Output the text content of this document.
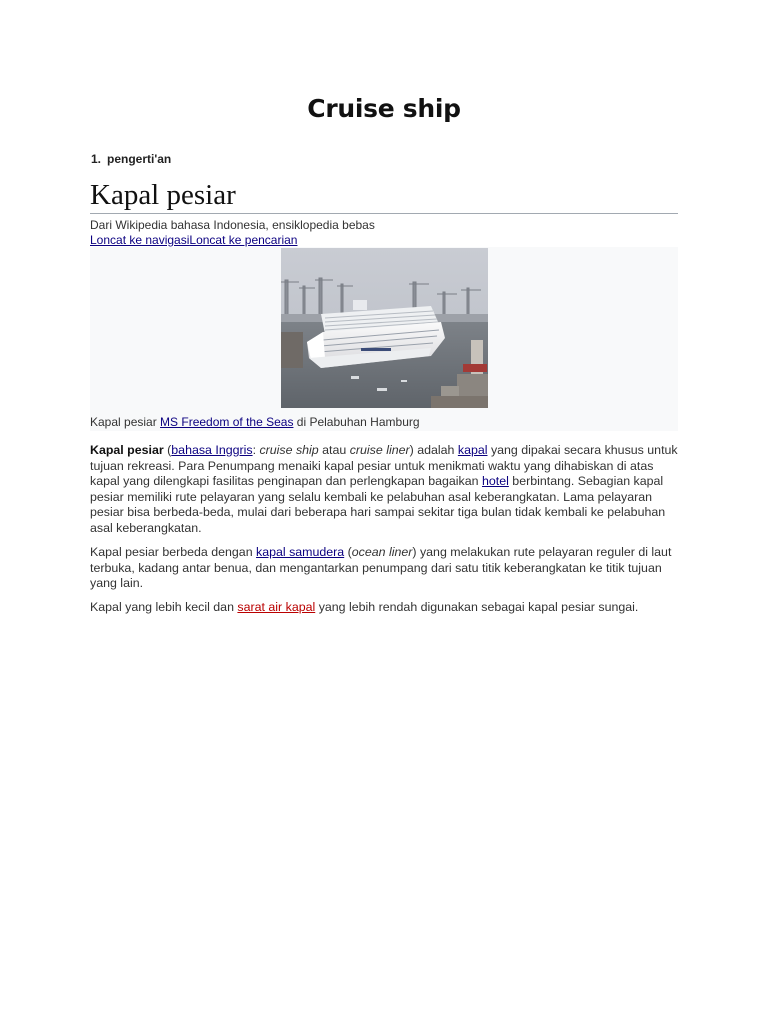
Cruise ship
1. pengerti'an
Kapal pesiar
Dari Wikipedia bahasa Indonesia, ensiklopedia bebas
Loncat ke navigasiLoncat ke pencarian
Kapal pesiar MS Freedom of the Seas di Pelabuhan Hamburg
Kapal pesiar (bahasa Inggris: cruise ship atau cruise liner) adalah kapal yang dipakai secara khusus untuk tujuan rekreasi. Para Penumpang menaiki kapal pesiar untuk menikmati waktu yang dihabiskan di atas kapal yang dilengkapi fasilitas penginapan dan perlengkapan bagaikan hotel berbintang. Sebagian kapal pesiar memiliki rute pelayaran yang selalu kembali ke pelabuhan asal keberangkatan. Lama pelayaran pesiar bisa berbeda-beda, mulai dari beberapa hari sampai sekitar tiga bulan tidak kembali ke pelabuhan asal keberangkatan.
Kapal pesiar berbeda dengan kapal samudera (ocean liner) yang melakukan rute pelayaran reguler di laut terbuka, kadang antar benua, dan mengantarkan penumpang dari satu titik keberangkatan ke titik tujuan yang lain.
Kapal yang lebih kecil dan sarat air kapal yang lebih rendah digunakan sebagai kapal pesiar sungai.
